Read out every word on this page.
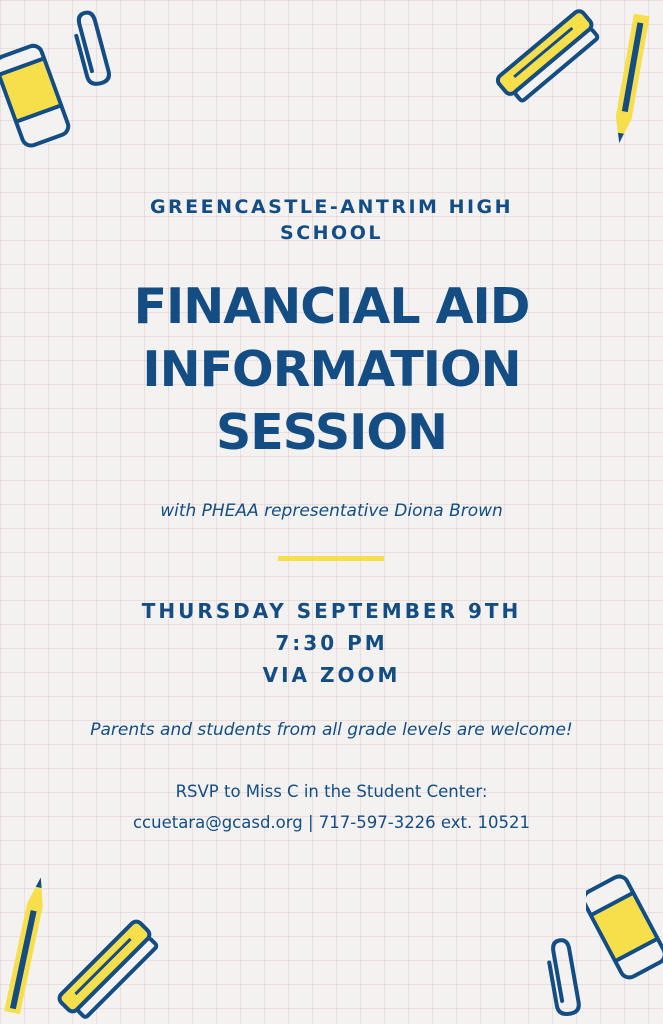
GREENCASTLE-ANTRIM HIGH SCHOOL
FINANCIAL AID
INFORMATION
SESSION
with PHEAA representative Diona Brown
THURSDAY SEPTEMBER 9TH
7:30 PM
VIA ZOOM
Parents and students from all grade levels are welcome!
RSVP to Miss C in the Student Center:
ccuetara@gcasd.org | 717-597-3226 ext. 10521
